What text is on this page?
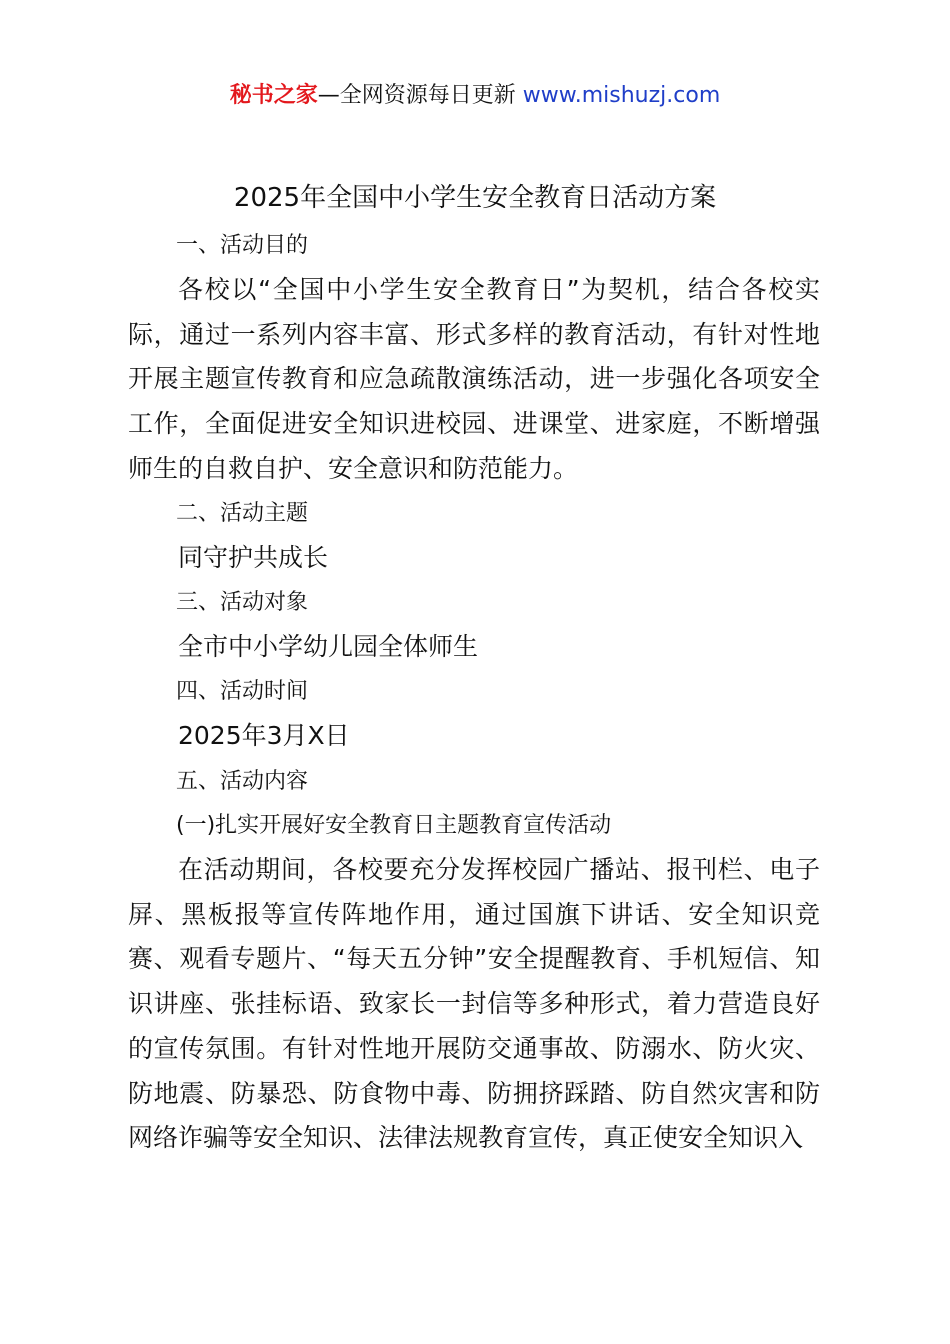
秘书之家—全网资源每日更新 www.mishuzj.com
2025年全国中小学生安全教育日活动方案
一、活动目的
各校以“全国中小学生安全教育日”为契机，结合各校实际，通过一系列内容丰富、形式多样的教育活动，有针对性地开展主题宣传教育和应急疏散演练活动，进一步强化各项安全工作，全面促进安全知识进校园、进课堂、进家庭，不断增强师生的自救自护、安全意识和防范能力。
二、活动主题
同守护共成长
三、活动对象
全市中小学幼儿园全体师生
四、活动时间
2025年3月X日
五、活动内容
(一)扎实开展好安全教育日主题教育宣传活动
在活动期间，各校要充分发挥校园广播站、报刊栏、电子屏、黑板报等宣传阵地作用，通过国旗下讲话、安全知识竞赛、观看专题片、“每天五分钟”安全提醒教育、手机短信、知识讲座、张挂标语、致家长一封信等多种形式，着力营造良好的宣传氛围。有针对性地开展防交通事故、防溺水、防火灾、防地震、防暴恐、防食物中毒、防拥挤踩踏、防自然灾害和防网络诈骗等安全知识、法律法规教育宣传，真正使安全知识入
